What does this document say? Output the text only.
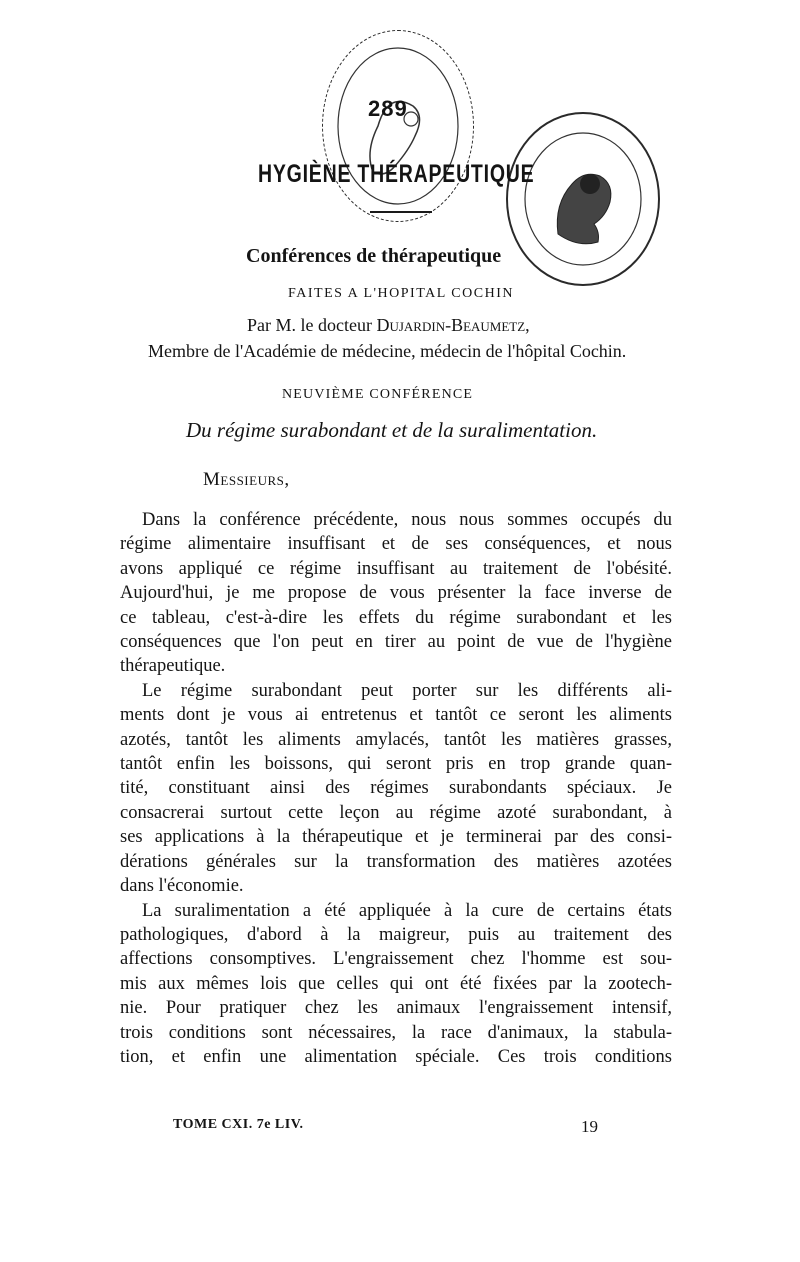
289
HYGIÈNE THÉRAPEUTIQUE
Conférences de thérapeutique
FAITES A L'HOPITAL COCHIN
Par M. le docteur Dujardin-Beaumetz,
Membre de l'Académie de médecine, médecin de l'hôpital Cochin.
NEUVIÈME CONFÉRENCE
Du régime surabondant et de la suralimentation.
Messieurs,

Dans la conférence précédente, nous nous sommes occupés du
régime alimentaire insuffisant et de ses conséquences, et nous
avons appliqué ce régime insuffisant au traitement de l'obésité.
Aujourd'hui, je me propose de vous présenter la face inverse de
ce tableau, c'est-à-dire les effets du régime surabondant et les
conséquences que l'on peut en tirer au point de vue de l'hygiène
thérapeutique.

Le régime surabondant peut porter sur les différents ali-
ments dont je vous ai entretenus et tantôt ce seront les aliments
azotés, tantôt les aliments amylacés, tantôt les matières grasses,
tantôt enfin les boissons, qui seront pris en trop grande quan-
tité, constituant ainsi des régimes surabondants spéciaux. Je
consacrerai surtout cette leçon au régime azoté surabondant, à
ses applications à la thérapeutique et je terminerai par des consi-
dérations générales sur la transformation des matières azotées
dans l'économie.

La suralimentation a été appliquée à la cure de certains états
pathologiques, d'abord à la maigreur, puis au traitement des
affections consomptives. L'engraissement chez l'homme est sou-
mis aux mêmes lois que celles qui ont été fixées par la zootech-
nie. Pour pratiquer chez les animaux l'engraissement intensif,
trois conditions sont nécessaires, la race d'animaux, la stabula-
tion, et enfin une alimentation spéciale. Ces trois conditions

TOME CXI. 7e LIV.	19
